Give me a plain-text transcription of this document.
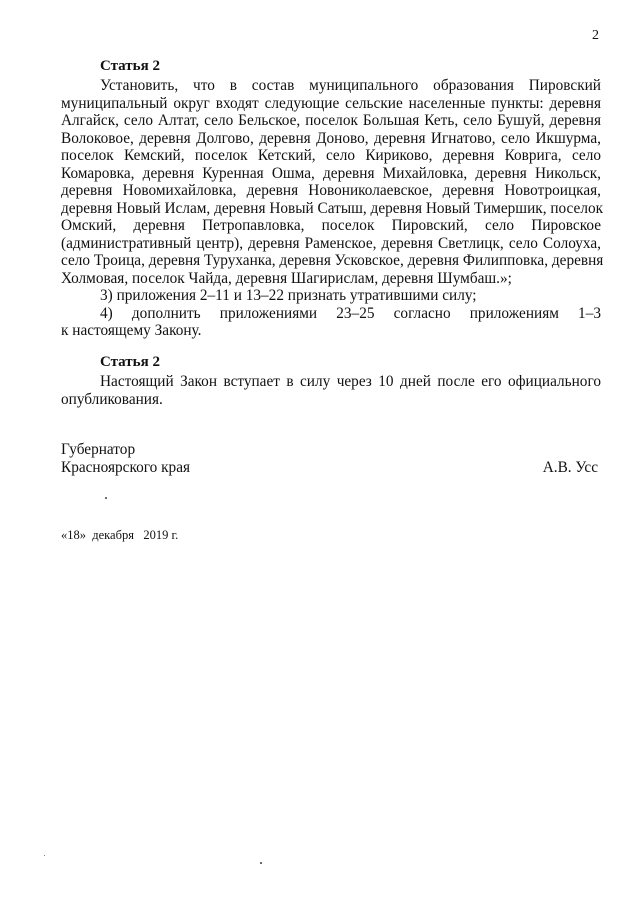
2
Статья 2
Установить, что в состав муниципального образования Пировский
муниципальный округ входят следующие сельские населенные пункты: деревня
Алгайск, село Алтат, село Бельское, поселок Большая Кеть, село Бушуй, деревня
Волоковое, деревня Долгово, деревня Доново, деревня Игнатово, село Икшурма,
поселок Кемский, поселок Кетский, село Кириково, деревня Коврига, село
Комаровка, деревня Куренная Ошма, деревня Михайловка, деревня Никольск,
деревня Новомихайловка, деревня Новониколаевское, деревня Новотроицкая,
деревня Новый Ислам, деревня Новый Сатыш, деревня Новый Тимершик, поселок
Омский, деревня Петропавловка, поселок Пировский, село Пировское
(административный центр), деревня Раменское, деревня Светлицк, село Солоуха,
село Троица, деревня Туруханка, деревня Усковское, деревня Филипповка, деревня
Холмовая, поселок Чайда, деревня Шагирислам, деревня Шумбаш.»;
3) приложения 2–11 и 13–22 признать утратившими силу;
4) дополнить приложениями 23–25 согласно приложениям 1–3
к настоящему Закону.
Статья 2
Настоящий Закон вступает в силу через 10 дней после его официального
опубликования.
Губернатор
Красноярского края	А.В. Усс
«18»  декабря   2019 г.
